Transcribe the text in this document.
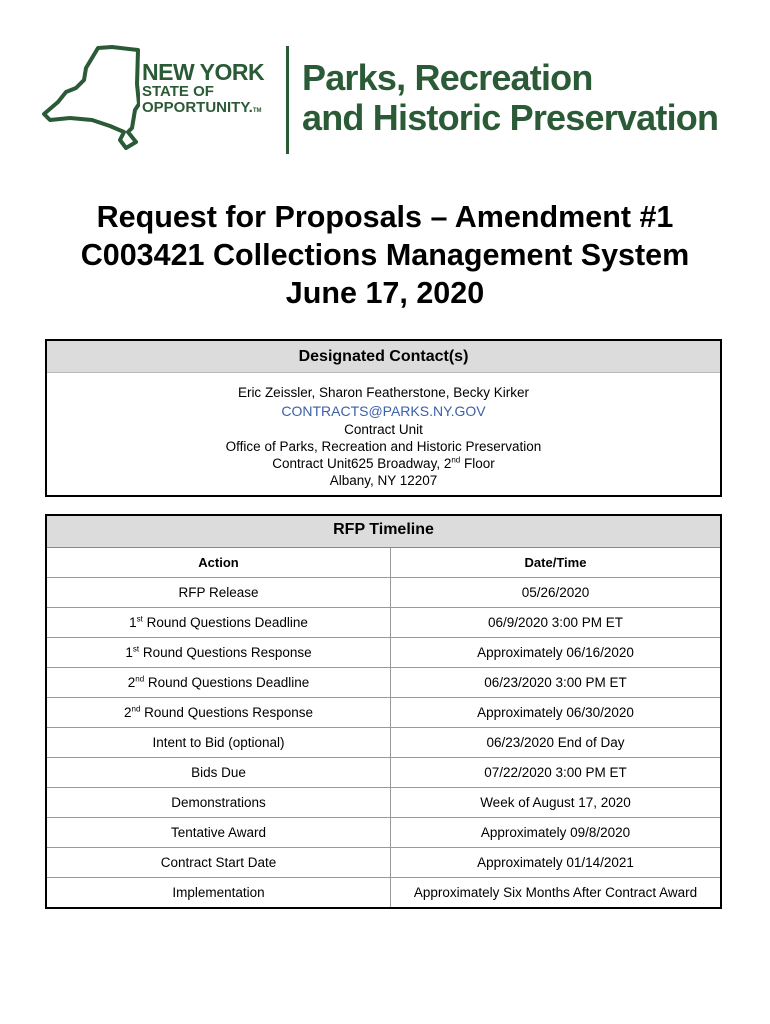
NEW YORK
STATE OF
OPPORTUNITY.TM
Parks, Recreation
and Historic Preservation
Request for Proposals – Amendment #1
C003421 Collections Management System
June 17, 2020
Designated Contact(s)
Eric Zeissler, Sharon Featherstone, Becky Kirker
CONTRACTS@PARKS.NY.GOV
Contract Unit
Office of Parks, Recreation and Historic Preservation
Contract Unit625 Broadway, 2nd Floor
Albany, NY 12207
RFP Timeline
Action	Date/Time
RFP Release	05/26/2020
1st Round Questions Deadline	06/9/2020 3:00 PM ET
1st Round Questions Response	Approximately 06/16/2020
2nd Round Questions Deadline	06/23/2020 3:00 PM ET
2nd Round Questions Response	Approximately 06/30/2020
Intent to Bid (optional)	06/23/2020 End of Day
Bids Due	07/22/2020 3:00 PM ET
Demonstrations	Week of August 17, 2020
Tentative Award	Approximately 09/8/2020
Contract Start Date	Approximately 01/14/2021
Implementation	Approximately Six Months After Contract Award
